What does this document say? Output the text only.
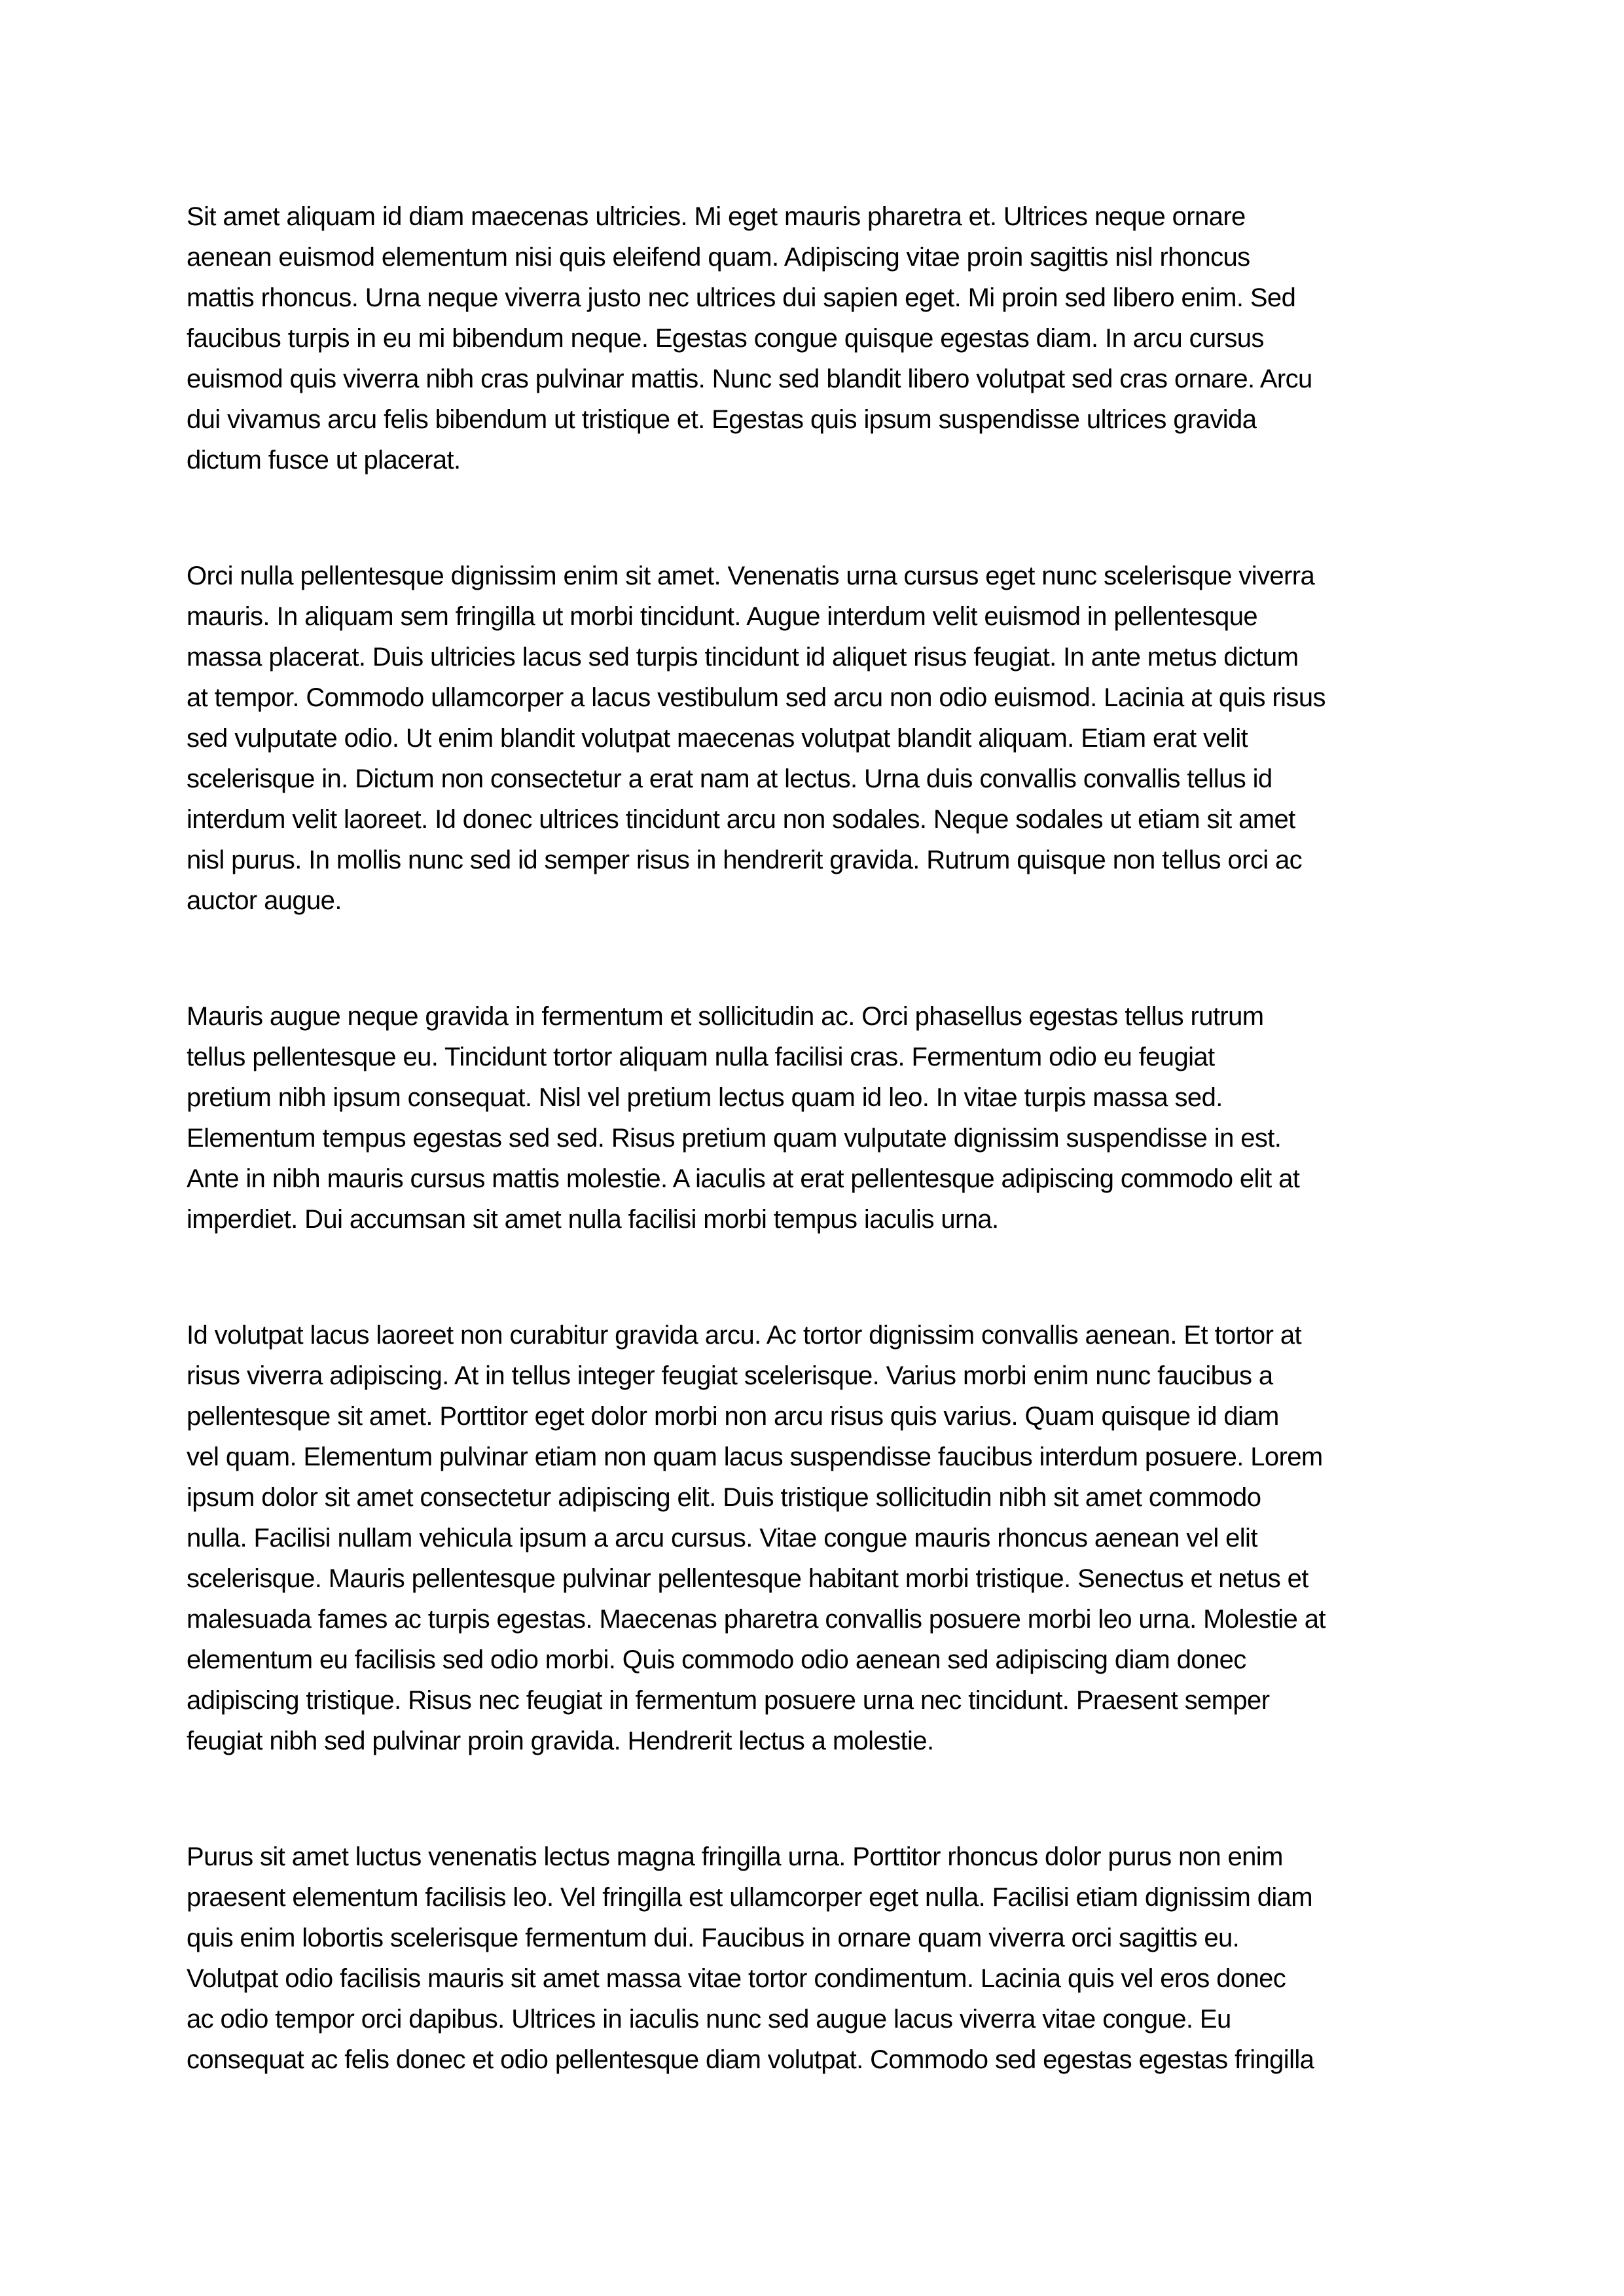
Sit amet aliquam id diam maecenas ultricies. Mi eget mauris pharetra et. Ultrices neque ornare
aenean euismod elementum nisi quis eleifend quam. Adipiscing vitae proin sagittis nisl rhoncus
mattis rhoncus. Urna neque viverra justo nec ultrices dui sapien eget. Mi proin sed libero enim. Sed
faucibus turpis in eu mi bibendum neque. Egestas congue quisque egestas diam. In arcu cursus
euismod quis viverra nibh cras pulvinar mattis. Nunc sed blandit libero volutpat sed cras ornare. Arcu
dui vivamus arcu felis bibendum ut tristique et. Egestas quis ipsum suspendisse ultrices gravida
dictum fusce ut placerat.

Orci nulla pellentesque dignissim enim sit amet. Venenatis urna cursus eget nunc scelerisque viverra
mauris. In aliquam sem fringilla ut morbi tincidunt. Augue interdum velit euismod in pellentesque
massa placerat. Duis ultricies lacus sed turpis tincidunt id aliquet risus feugiat. In ante metus dictum
at tempor. Commodo ullamcorper a lacus vestibulum sed arcu non odio euismod. Lacinia at quis risus
sed vulputate odio. Ut enim blandit volutpat maecenas volutpat blandit aliquam. Etiam erat velit
scelerisque in. Dictum non consectetur a erat nam at lectus. Urna duis convallis convallis tellus id
interdum velit laoreet. Id donec ultrices tincidunt arcu non sodales. Neque sodales ut etiam sit amet
nisl purus. In mollis nunc sed id semper risus in hendrerit gravida. Rutrum quisque non tellus orci ac
auctor augue.

Mauris augue neque gravida in fermentum et sollicitudin ac. Orci phasellus egestas tellus rutrum
tellus pellentesque eu. Tincidunt tortor aliquam nulla facilisi cras. Fermentum odio eu feugiat
pretium nibh ipsum consequat. Nisl vel pretium lectus quam id leo. In vitae turpis massa sed.
Elementum tempus egestas sed sed. Risus pretium quam vulputate dignissim suspendisse in est.
Ante in nibh mauris cursus mattis molestie. A iaculis at erat pellentesque adipiscing commodo elit at
imperdiet. Dui accumsan sit amet nulla facilisi morbi tempus iaculis urna.

Id volutpat lacus laoreet non curabitur gravida arcu. Ac tortor dignissim convallis aenean. Et tortor at
risus viverra adipiscing. At in tellus integer feugiat scelerisque. Varius morbi enim nunc faucibus a
pellentesque sit amet. Porttitor eget dolor morbi non arcu risus quis varius. Quam quisque id diam
vel quam. Elementum pulvinar etiam non quam lacus suspendisse faucibus interdum posuere. Lorem
ipsum dolor sit amet consectetur adipiscing elit. Duis tristique sollicitudin nibh sit amet commodo
nulla. Facilisi nullam vehicula ipsum a arcu cursus. Vitae congue mauris rhoncus aenean vel elit
scelerisque. Mauris pellentesque pulvinar pellentesque habitant morbi tristique. Senectus et netus et
malesuada fames ac turpis egestas. Maecenas pharetra convallis posuere morbi leo urna. Molestie at
elementum eu facilisis sed odio morbi. Quis commodo odio aenean sed adipiscing diam donec
adipiscing tristique. Risus nec feugiat in fermentum posuere urna nec tincidunt. Praesent semper
feugiat nibh sed pulvinar proin gravida. Hendrerit lectus a molestie.

Purus sit amet luctus venenatis lectus magna fringilla urna. Porttitor rhoncus dolor purus non enim
praesent elementum facilisis leo. Vel fringilla est ullamcorper eget nulla. Facilisi etiam dignissim diam
quis enim lobortis scelerisque fermentum dui. Faucibus in ornare quam viverra orci sagittis eu.
Volutpat odio facilisis mauris sit amet massa vitae tortor condimentum. Lacinia quis vel eros donec
ac odio tempor orci dapibus. Ultrices in iaculis nunc sed augue lacus viverra vitae congue. Eu
consequat ac felis donec et odio pellentesque diam volutpat. Commodo sed egestas egestas fringilla
